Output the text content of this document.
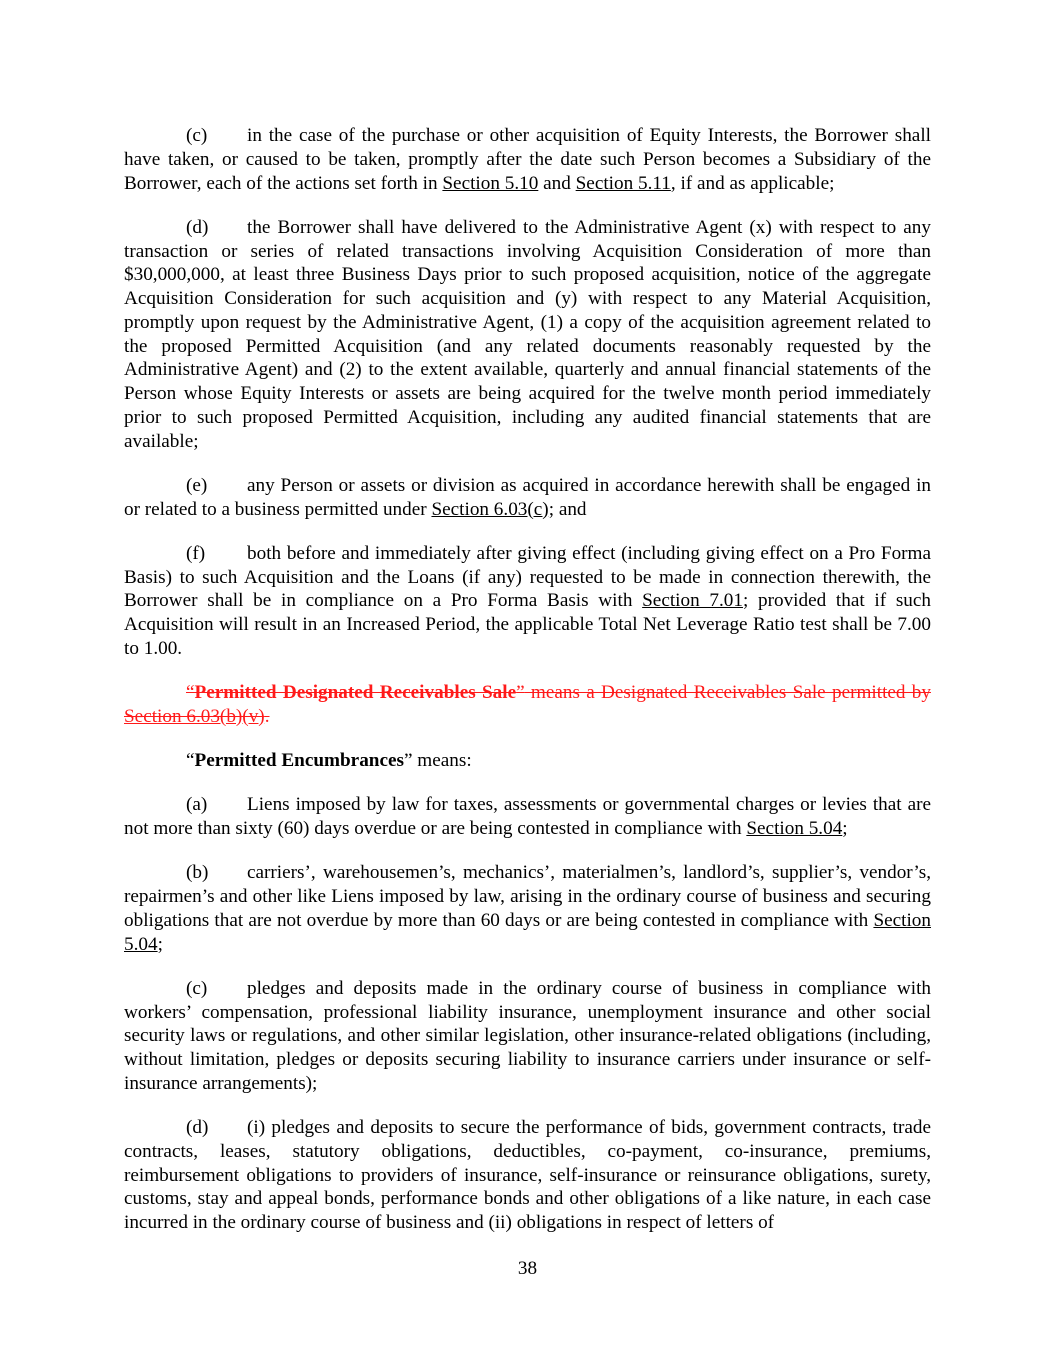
(c) in the case of the purchase or other acquisition of Equity Interests, the Borrower shall have taken, or caused to be taken, promptly after the date such Person becomes a Subsidiary of the Borrower, each of the actions set forth in Section 5.10 and Section 5.11, if and as applicable;

(d) the Borrower shall have delivered to the Administrative Agent (x) with respect to any transaction or series of related transactions involving Acquisition Consideration of more than $30,000,000, at least three Business Days prior to such proposed acquisition, notice of the aggregate Acquisition Consideration for such acquisition and (y) with respect to any Material Acquisition, promptly upon request by the Administrative Agent, (1) a copy of the acquisition agreement related to the proposed Permitted Acquisition (and any related documents reasonably requested by the Administrative Agent) and (2) to the extent available, quarterly and annual financial statements of the Person whose Equity Interests or assets are being acquired for the twelve month period immediately prior to such proposed Permitted Acquisition, including any audited financial statements that are available;

(e) any Person or assets or division as acquired in accordance herewith shall be engaged in or related to a business permitted under Section 6.03(c); and

(f) both before and immediately after giving effect (including giving effect on a Pro Forma Basis) to such Acquisition and the Loans (if any) requested to be made in connection therewith, the Borrower shall be in compliance on a Pro Forma Basis with Section 7.01; provided that if such Acquisition will result in an Increased Period, the applicable Total Net Leverage Ratio test shall be 7.00 to 1.00.

“Permitted Designated Receivables Sale” means a Designated Receivables Sale permitted by Section 6.03(b)(v).

“Permitted Encumbrances” means:

(a) Liens imposed by law for taxes, assessments or governmental charges or levies that are not more than sixty (60) days overdue or are being contested in compliance with Section 5.04;

(b) carriers’, warehousemen’s, mechanics’, materialmen’s, landlord’s, supplier’s, vendor’s, repairmen’s and other like Liens imposed by law, arising in the ordinary course of business and securing obligations that are not overdue by more than 60 days or are being contested in compliance with Section 5.04;

(c) pledges and deposits made in the ordinary course of business in compliance with workers’ compensation, professional liability insurance, unemployment insurance and other social security laws or regulations, and other similar legislation, other insurance-related obligations (including, without limitation, pledges or deposits securing liability to insurance carriers under insurance or self-insurance arrangements);

(d) (i) pledges and deposits to secure the performance of bids, government contracts, trade contracts, leases, statutory obligations, deductibles, co-payment, co-insurance, premiums, reimbursement obligations to providers of insurance, self-insurance or reinsurance obligations, surety, customs, stay and appeal bonds, performance bonds and other obligations of a like nature, in each case incurred in the ordinary course of business and (ii) obligations in respect of letters of

38
